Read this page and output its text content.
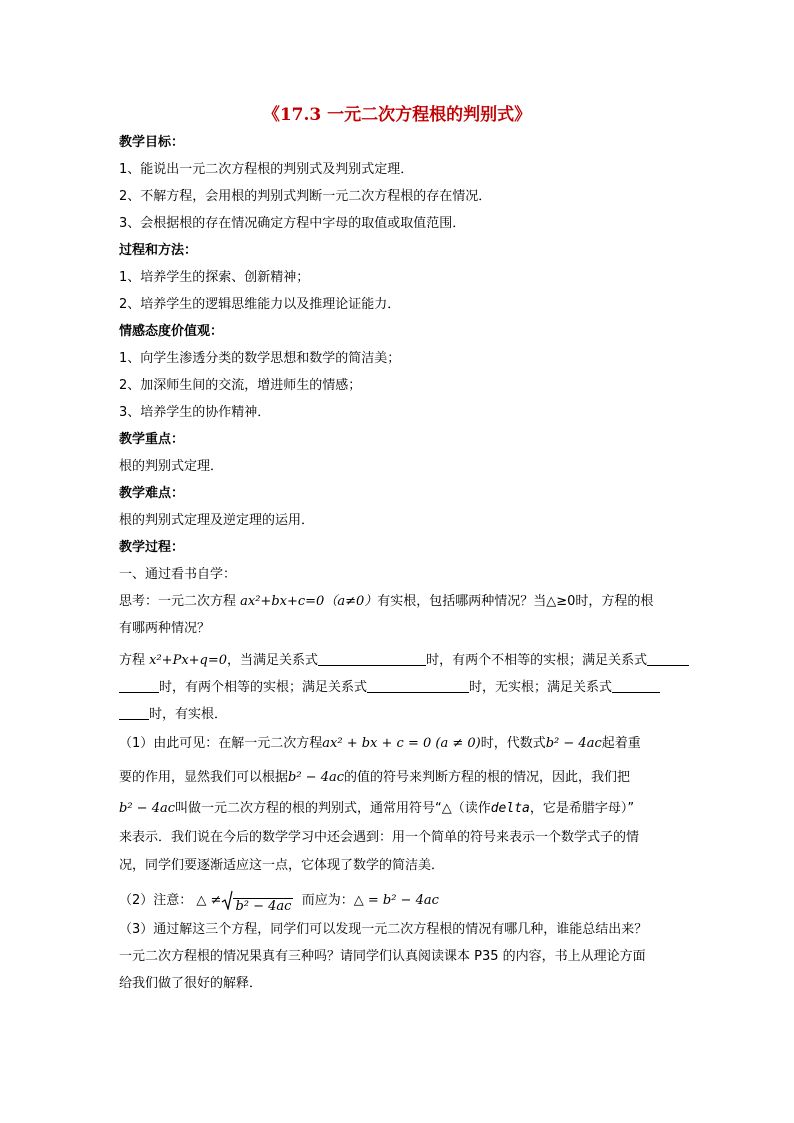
《17.3 一元二次方程根的判别式》
教学目标：
1、能说出一元二次方程根的判别式及判别式定理．
2、不解方程，会用根的判别式判断一元二次方程根的存在情况．
3、会根据根的存在情况确定方程中字母的取值或取值范围．
过程和方法：
1、培养学生的探索、创新精神；
2、培养学生的逻辑思维能力以及推理论证能力．
情感态度价值观：
1、向学生渗透分类的数学思想和数学的简洁美；
2、加深师生间的交流，增进师生的情感；
3、培养学生的协作精神．
教学重点：
根的判别式定理．
教学难点：
根的判别式定理及逆定理的运用．
教学过程：
一、通过看书自学：
思考：一元二次方程 ax²+bx+c=0（a≠0）有实根，包括哪两种情况？当△≥0时，方程的根
有哪两种情况？
方程 x²+Px+q=0，当满足关系式	时，有两个不相等的实根；满足关系式
时，有两个相等的实根；满足关系式	时，无实根；满足关系式
时，有实根．
（1）由此可见：在解一元二次方程ax² + bx + c = 0 (a ≠ 0)时，代数式b² − 4ac起着重
要的作用，显然我们可以根据b² − 4ac的值的符号来判断方程的根的情况，因此，我们把
b² − 4ac叫做一元二次方程的根的判别式，通常用符号“△（读作delta，它是希腊字母）”
来表示．我们说在今后的数学学习中还会遇到：用一个简单的符号来表示一个数学式子的情
况，同学们要逐渐适应这一点，它体现了数学的简洁美．
（2）注意： △ ≠ b² − 4ac 而应为：△ = b² − 4ac
（3）通过解这三个方程，同学们可以发现一元二次方程根的情况有哪几种，谁能总结出来？
一元二次方程根的情况果真有三种吗？请同学们认真阅读课本 P35 的内容，书上从理论方面
给我们做了很好的解释．
